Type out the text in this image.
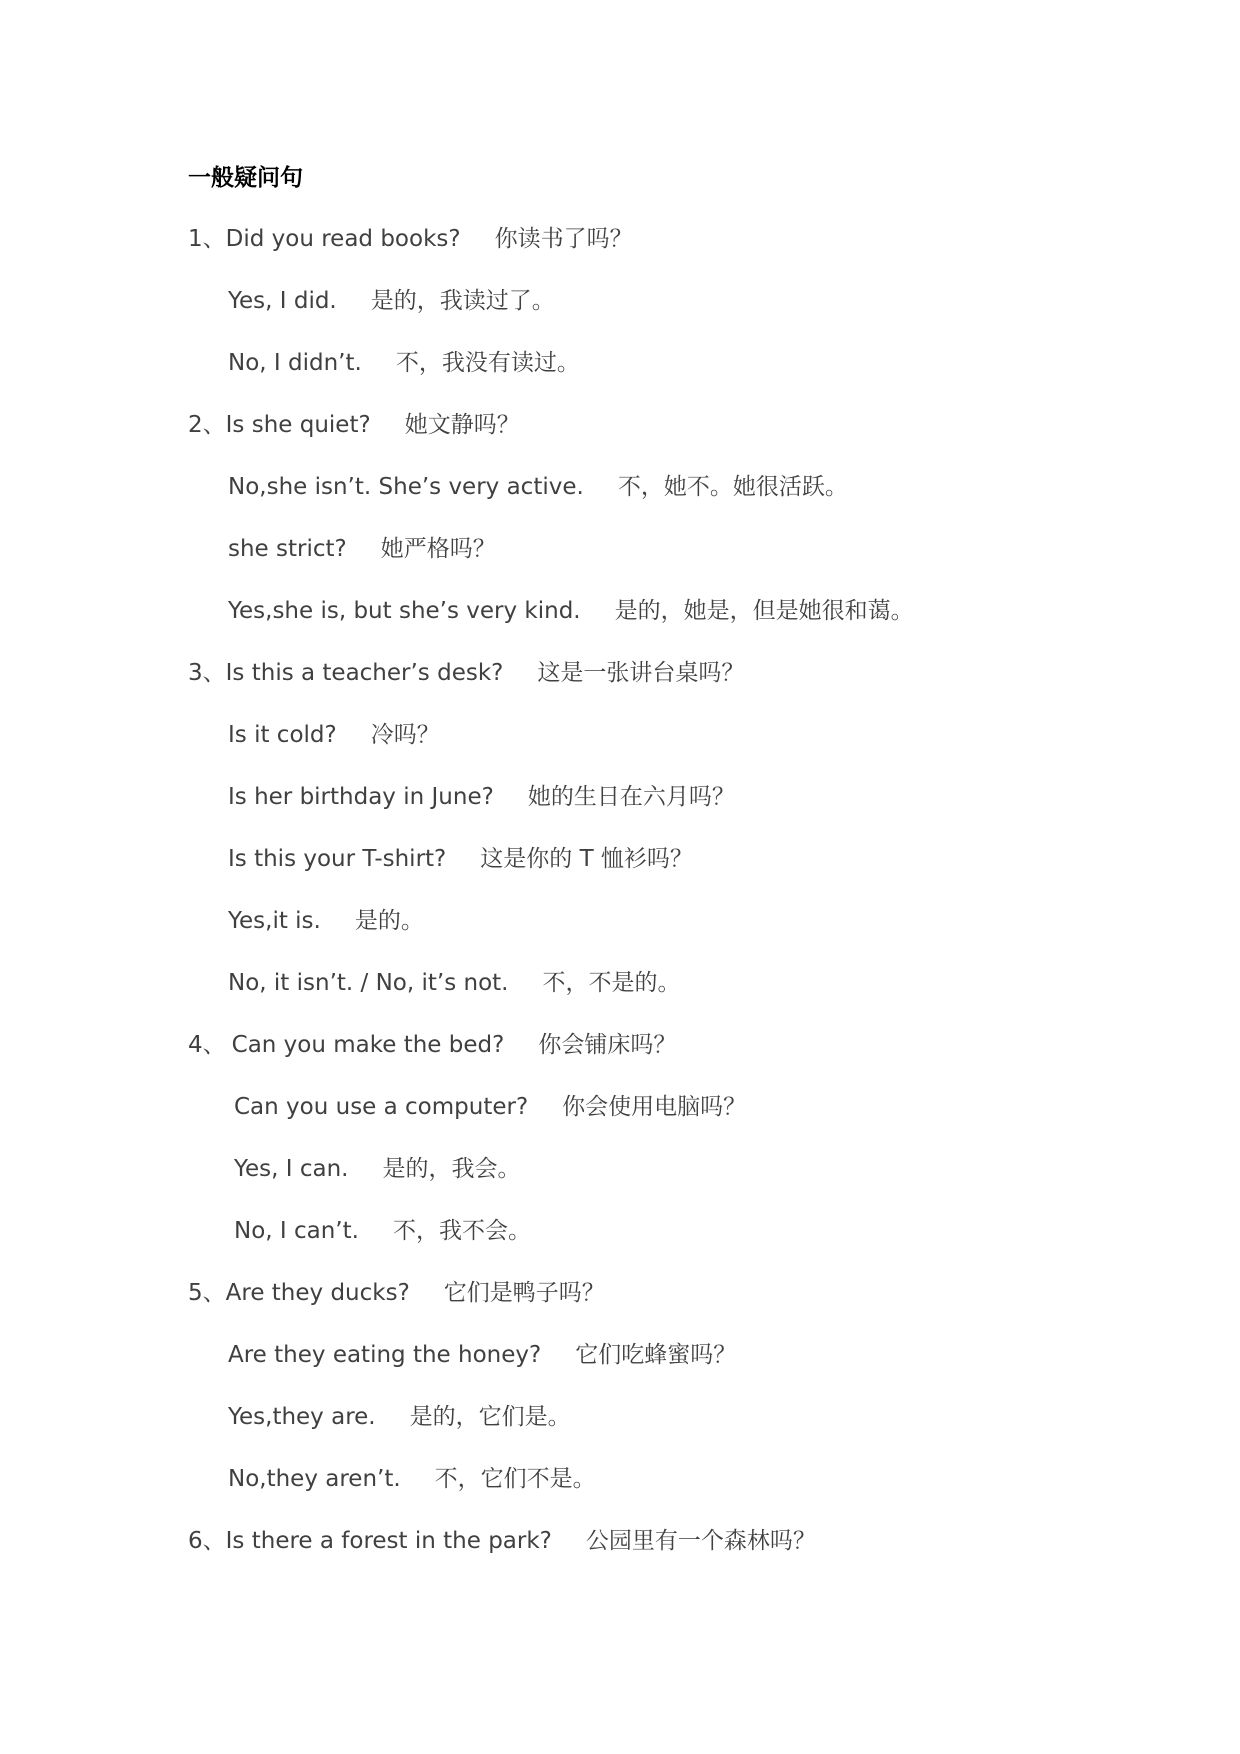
一般疑问句
1、Did you read books? 你读书了吗？
Yes, I did. 是的，我读过了。
No, I didn’t. 不，我没有读过。
2、Is she quiet? 她文静吗？
No,she isn’t. She’s very active. 不，她不。她很活跃。
she strict? 她严格吗？
Yes,she is, but she’s very kind. 是的，她是，但是她很和蔼。
3、Is this a teacher’s desk? 这是一张讲台桌吗？
Is it cold? 冷吗？
Is her birthday in June? 她的生日在六月吗？
Is this your T-shirt? 这是你的 T 恤衫吗？
Yes,it is. 是的。
No, it isn’t. / No, it’s not. 不，不是的。
4、Can you make the bed? 你会铺床吗？
Can you use a computer? 你会使用电脑吗？
Yes, I can. 是的，我会。
No, I can’t. 不，我不会。
5、Are they ducks? 它们是鸭子吗？
Are they eating the honey? 它们吃蜂蜜吗？
Yes,they are. 是的，它们是。
No,they aren’t. 不，它们不是。
6、Is there a forest in the park? 公园里有一个森林吗？
